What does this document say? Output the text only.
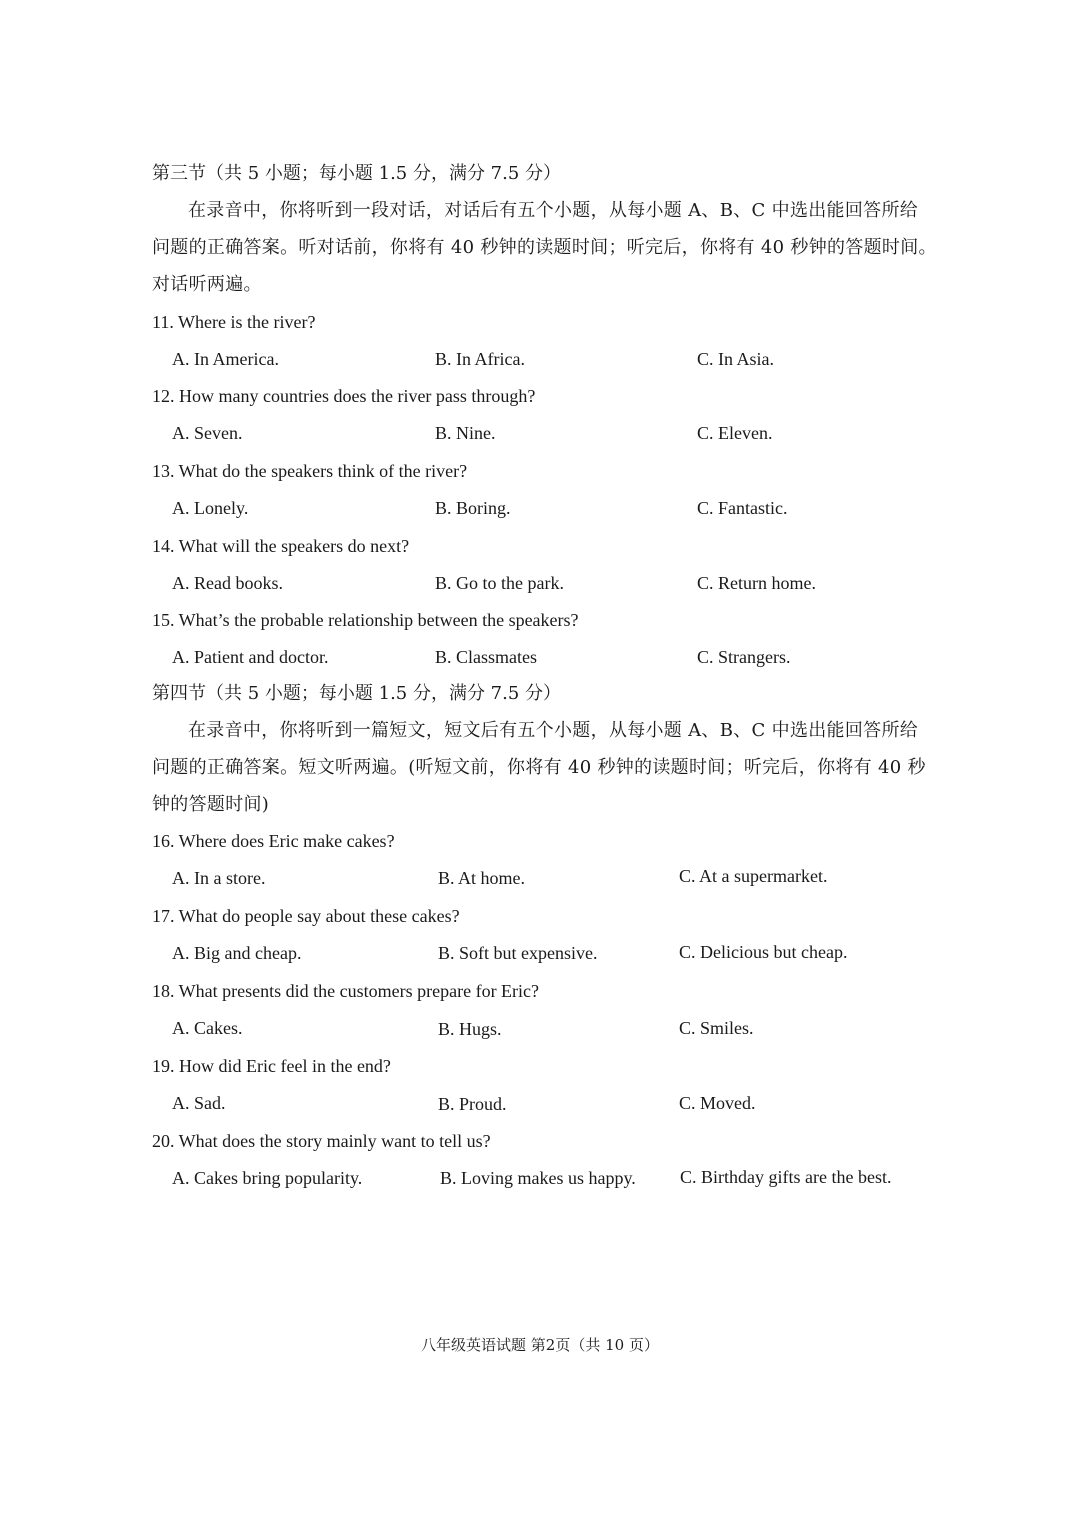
第三节（共 5 小题；每小题 1.5 分，满分 7.5 分）
在录音中，你将听到一段对话，对话后有五个小题，从每小题 A、B、C 中选出能回答所给
问题的正确答案。听对话前，你将有 40 秒钟的读题时间；听完后，你将有 40 秒钟的答题时间。
对话听两遍。
11. Where is the river?
A. In America.	B. In Africa.	C. In Asia.
12. How many countries does the river pass through?
A. Seven.	B. Nine.	C. Eleven.
13. What do the speakers think of the river?
A. Lonely.	B. Boring.	C. Fantastic.
14. What will the speakers do next?
A. Read books.	B. Go to the park.	C. Return home.
15. What’s the probable relationship between the speakers?
A. Patient and doctor.	B. Classmates	C. Strangers.
第四节（共 5 小题；每小题 1.5 分，满分 7.5 分）
在录音中，你将听到一篇短文，短文后有五个小题，从每小题 A、B、C 中选出能回答所给
问题的正确答案。短文听两遍。(听短文前，你将有 40 秒钟的读题时间；听完后，你将有 40 秒
钟的答题时间)
16. Where does Eric make cakes?
A. In a store.	B. At home.	C. At a supermarket.
17. What do people say about these cakes?
A. Big and cheap.	B. Soft but expensive.	C. Delicious but cheap.
18. What presents did the customers prepare for Eric?
A. Cakes.	B. Hugs.	C. Smiles.
19. How did Eric feel in the end?
A. Sad.	B. Proud.	C. Moved.
20. What does the story mainly want to tell us?
A. Cakes bring popularity.	B. Loving makes us happy. C. Birthday gifts are the best.
八年级英语试题 第2页（共 10 页）
